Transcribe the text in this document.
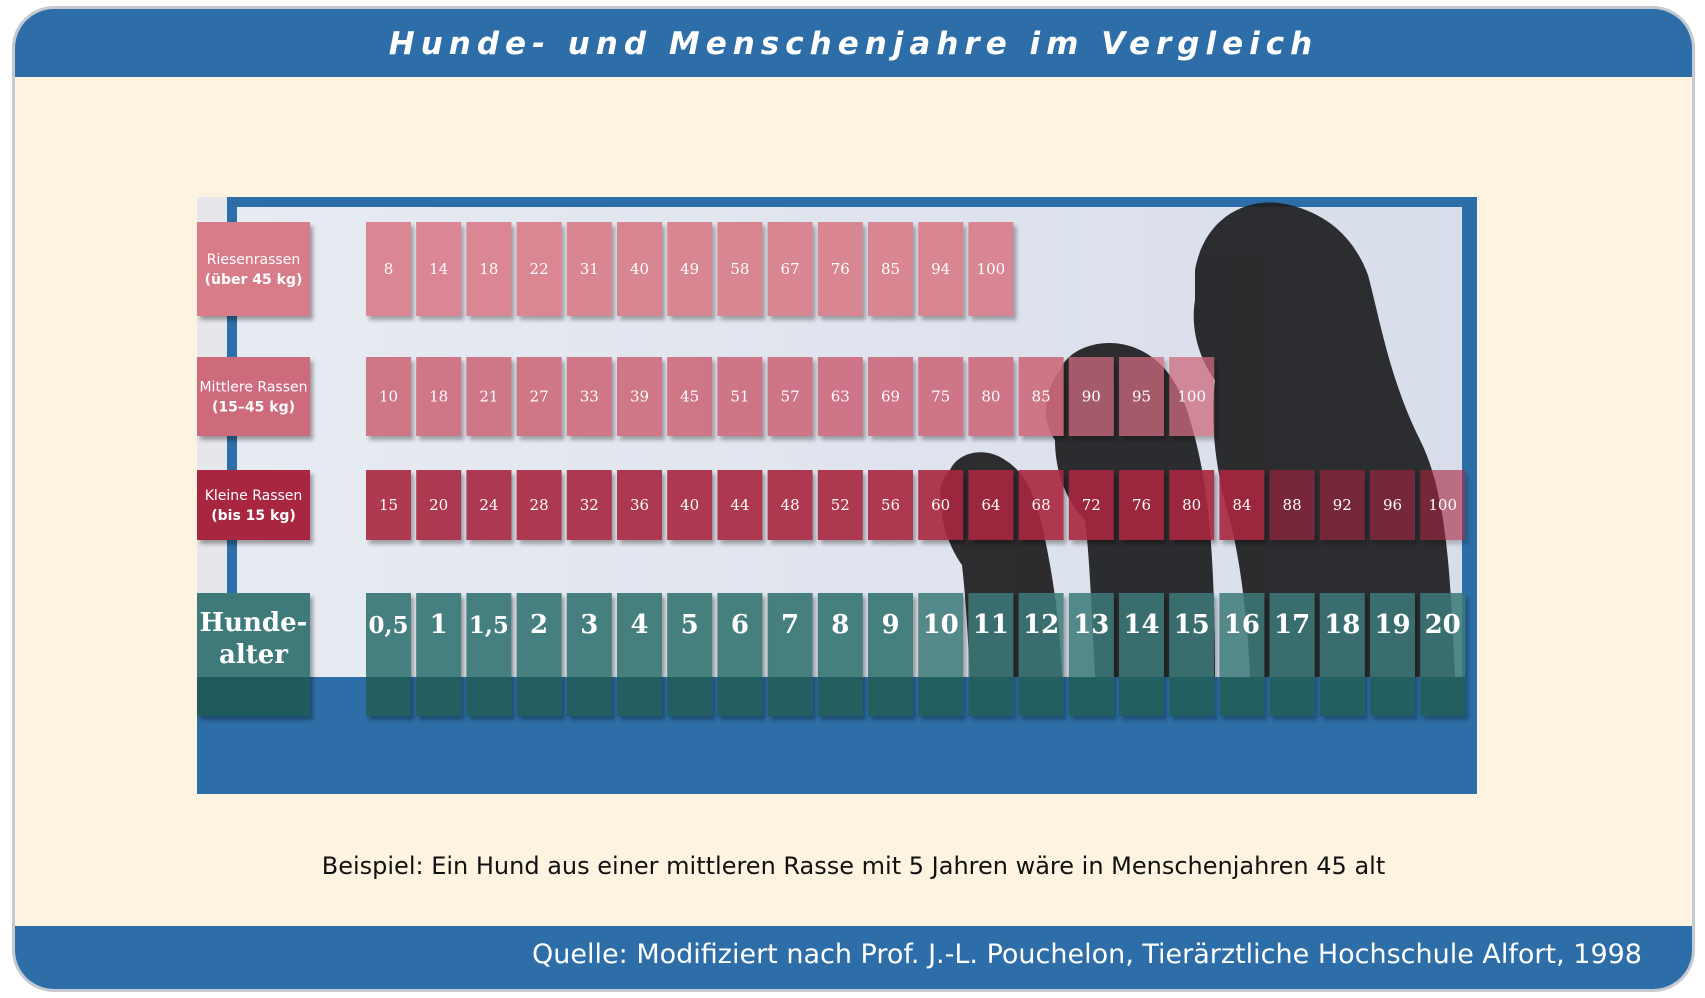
Hunde- und Menschenjahre im Vergleich
Beispiel: Ein Hund aus einer mittleren Rasse mit 5 Jahren wäre in Menschenjahren 45 alt
Quelle: Modifiziert nach Prof. J.-L. Pouchelon, Tierärztliche Hochschule Alfort, 1998
Riesenrassen
(über 45 kg)
8 14 18 22 31 40 49 58 67 76 85 94 100
Mittlere Rassen
(15–45 kg)
10 18 21 27 33 39 45 51 57 63 69 75 80 85 90 95 100
Kleine Rassen
(bis 15 kg)
15 20 24 28 32 36 40 44 48 52 56 60 64 68 72 76 80 84 88 92 96 100
Hunde-
alter
0,5 1 1,5 2 3 4 5 6 7 8 9 10 11 12 13 14 15 16 17 18 19 20
